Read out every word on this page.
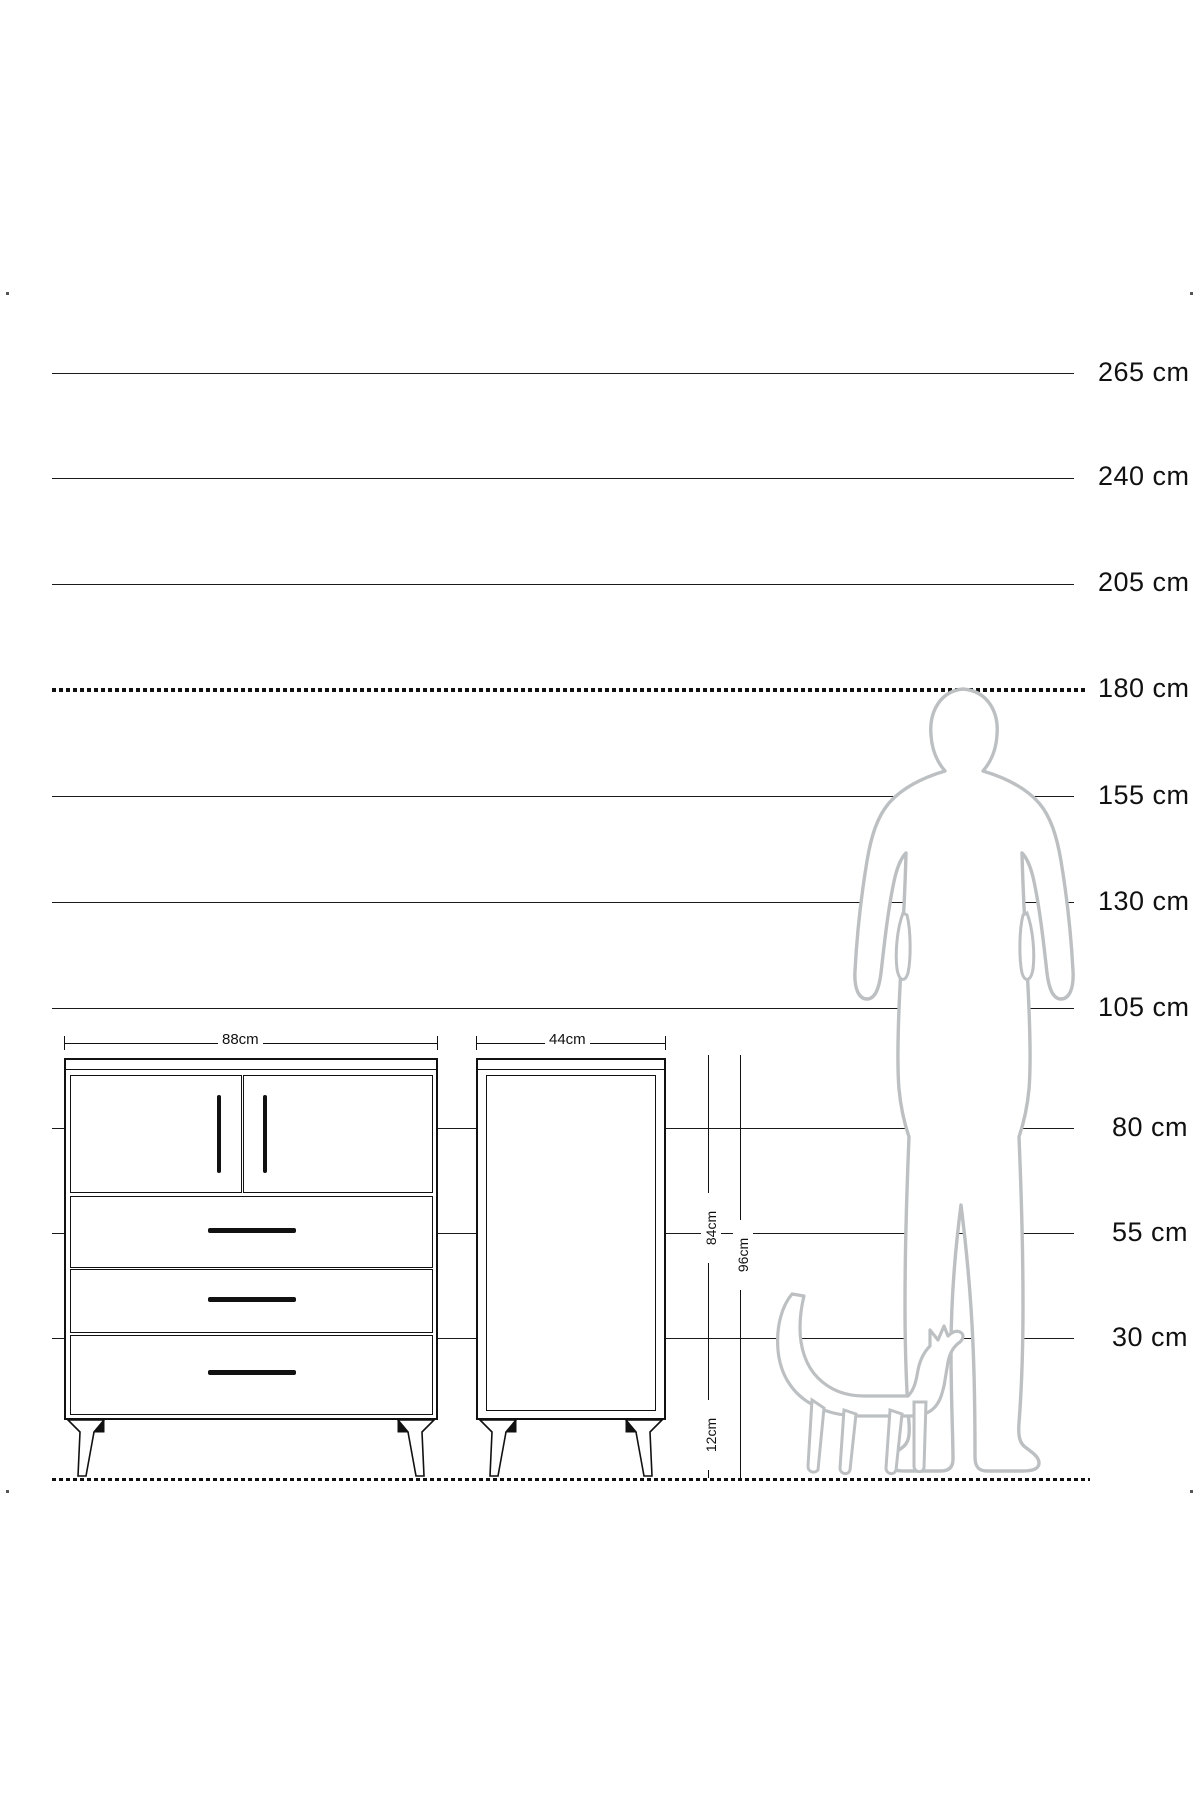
265 cm
240 cm
205 cm
180 cm
155 cm
130 cm
105 cm
80 cm
55 cm
30 cm
88cm	44cm
84cm
96cm
12cm
